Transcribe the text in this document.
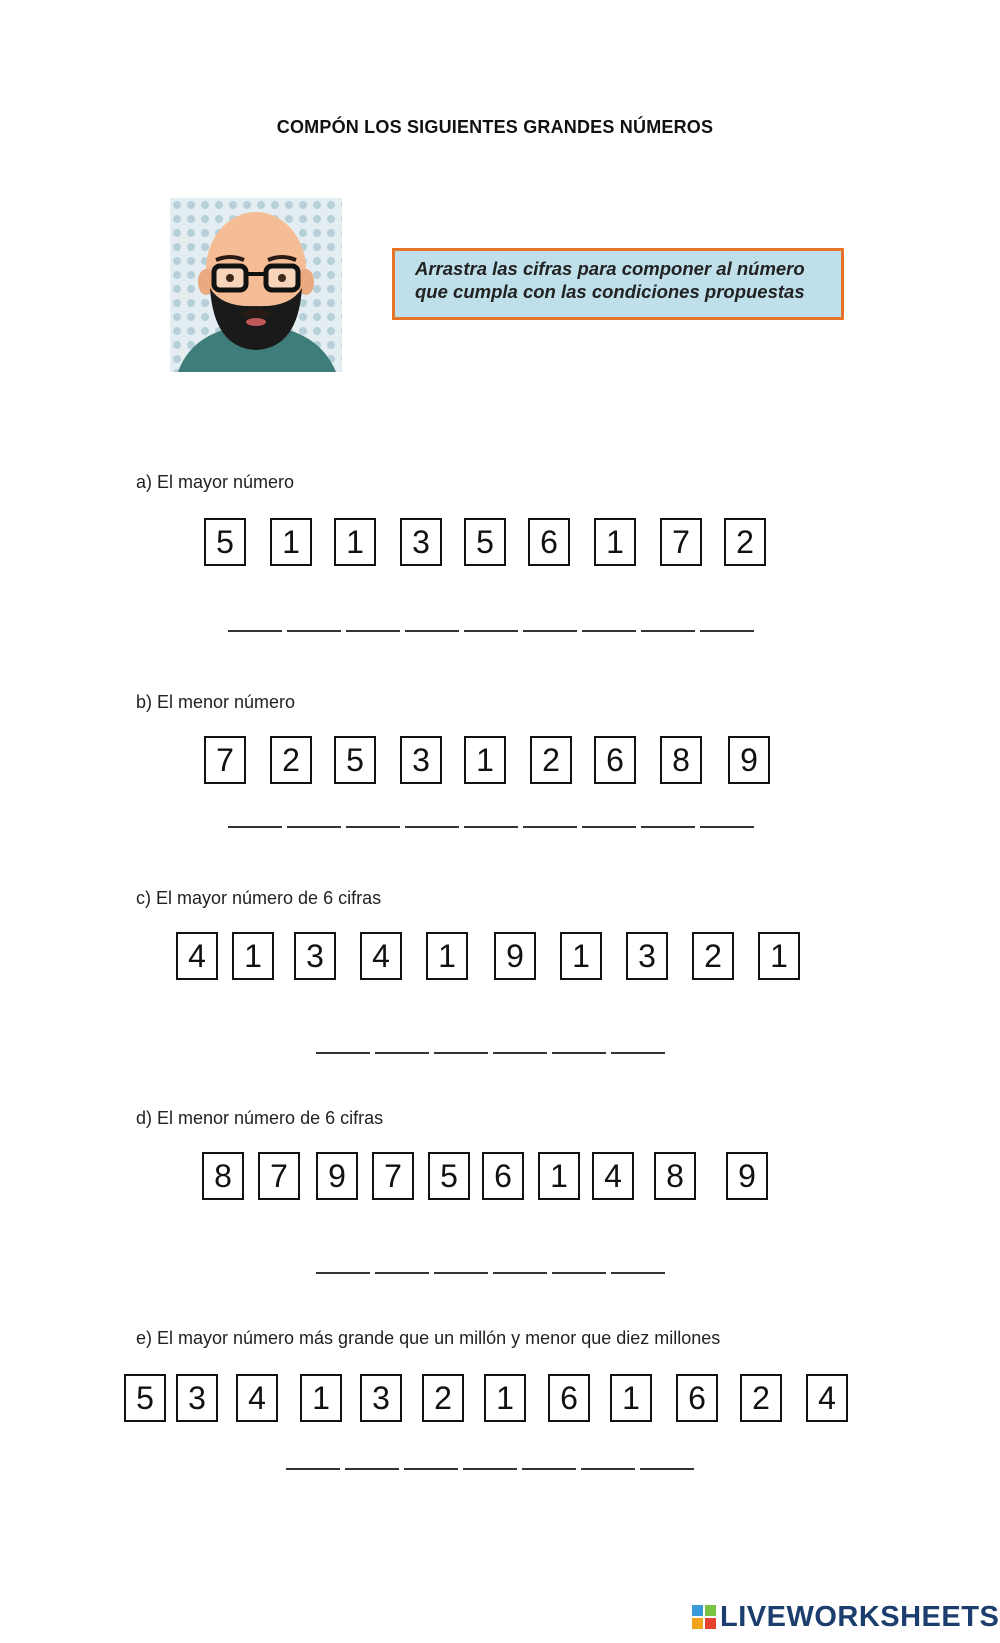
COMPÓN LOS SIGUIENTES GRANDES NÚMEROS
Arrastra las cifras para componer al número que cumpla con las condiciones propuestas
a) El mayor número
5	1	1	3	5	6	1	7	2
b) El menor número
7	2	5	3	1	2	6	8	9
c) El mayor número de 6 cifras
4	1	3	4	1	9	1	3	2	1
d) El menor número de 6 cifras
8	7	9	7	5	6	1	4	8	9
e) El mayor número más grande que un millón y menor que diez millones
5	3	4	1	3	2	1	6	1	6	2	4
LIVEWORKSHEETS
